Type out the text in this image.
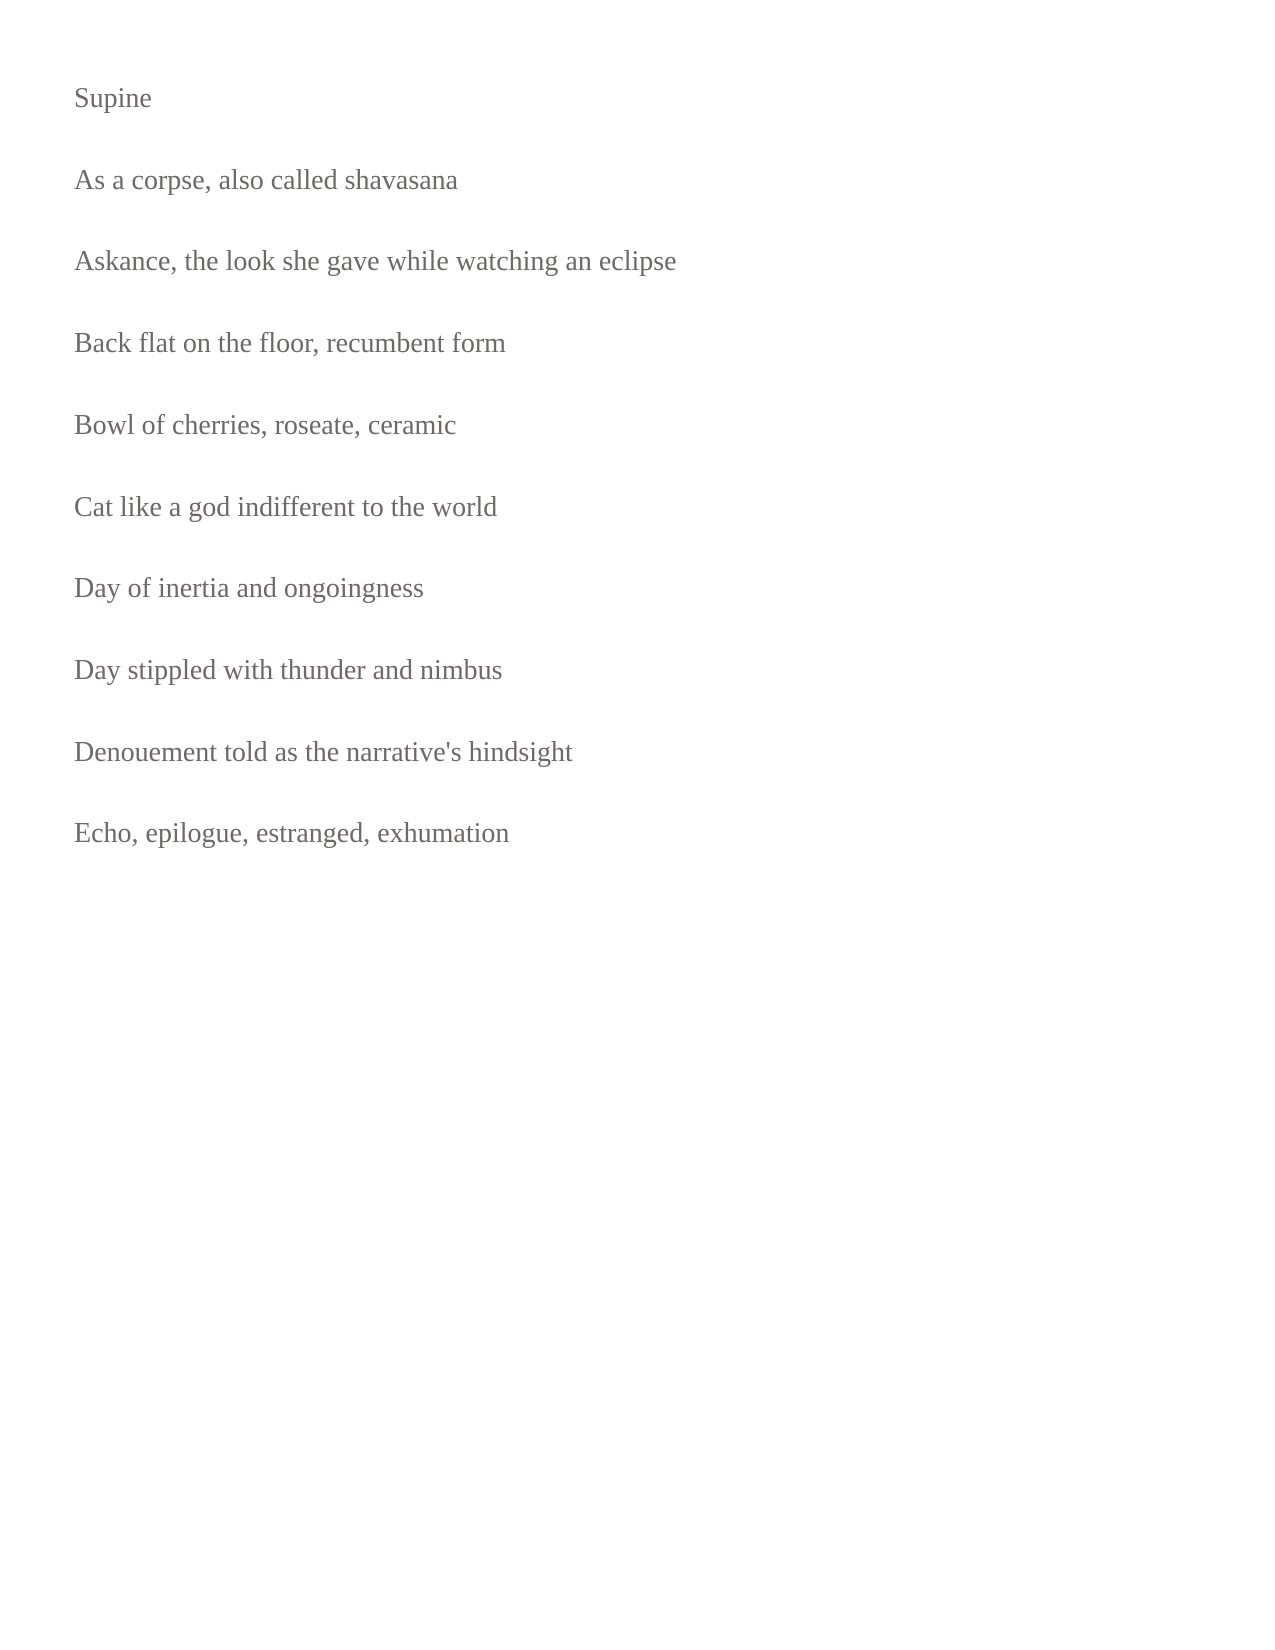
Supine

As a corpse, also called shavasana

Askance, the look she gave while watching an eclipse

Back flat on the floor, recumbent form

Bowl of cherries, roseate, ceramic

Cat like a god indifferent to the world

Day of inertia and ongoingness

Day stippled with thunder and nimbus

Denouement told as the narrative's hindsight

Echo, epilogue, estranged, exhumation
